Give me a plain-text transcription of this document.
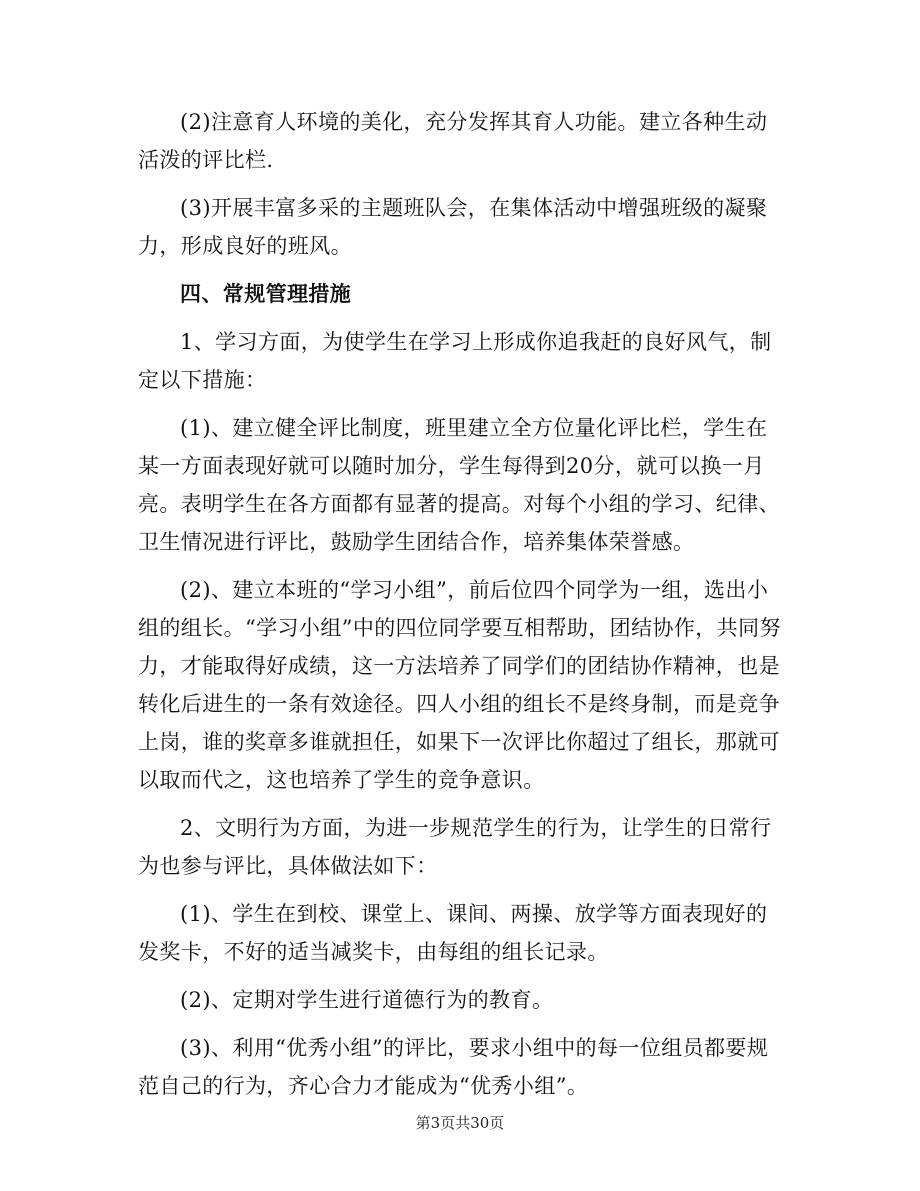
(2)注意育人环境的美化，充分发挥其育人功能。建立各种生动活泼的评比栏.

(3)开展丰富多采的主题班队会，在集体活动中增强班级的凝聚力，形成良好的班风。

四、常规管理措施

1、学习方面，为使学生在学习上形成你追我赶的良好风气，制定以下措施：

(1)、建立健全评比制度，班里建立全方位量化评比栏，学生在某一方面表现好就可以随时加分，学生每得到20分，就可以换一月亮。表明学生在各方面都有显著的提高。对每个小组的学习、纪律、卫生情况进行评比，鼓励学生团结合作，培养集体荣誉感。

(2)、建立本班的“学习小组”，前后位四个同学为一组，选出小组的组长。“学习小组”中的四位同学要互相帮助，团结协作，共同努力，才能取得好成绩，这一方法培养了同学们的团结协作精神，也是转化后进生的一条有效途径。四人小组的组长不是终身制，而是竞争上岗，谁的奖章多谁就担任，如果下一次评比你超过了组长，那就可以取而代之，这也培养了学生的竞争意识。

2、文明行为方面，为进一步规范学生的行为，让学生的日常行为也参与评比，具体做法如下：

(1)、学生在到校、课堂上、课间、两操、放学等方面表现好的发奖卡，不好的适当减奖卡，由每组的组长记录。

(2)、定期对学生进行道德行为的教育。

(3)、利用“优秀小组”的评比，要求小组中的每一位组员都要规范自己的行为，齐心合力才能成为“优秀小组”。

第3页共30页
